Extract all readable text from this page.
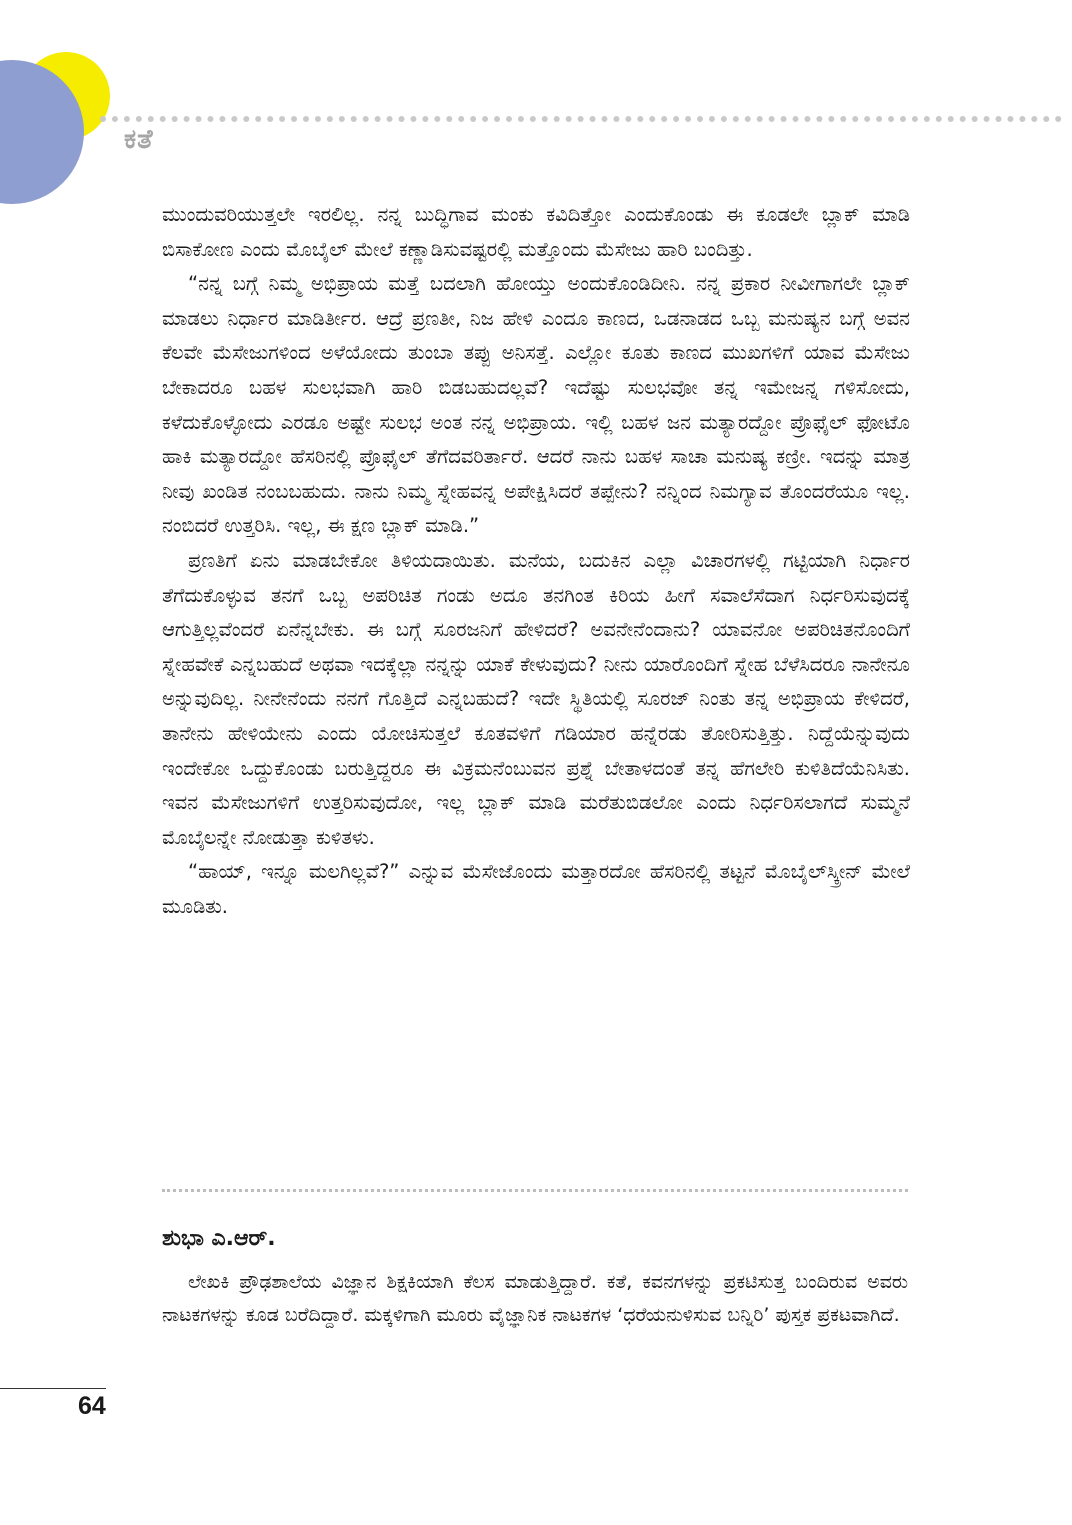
ಕತೆ

ಮುಂದುವರಿಯುತ್ತಲೇ ಇರಲಿಲ್ಲ. ನನ್ನ ಬುದ್ಧಿಗಾವ ಮಂಕು ಕವಿದಿತ್ತೋ ಎಂದುಕೊಂಡು ಈ ಕೂಡಲೇ ಬ್ಲಾಕ್ ಮಾಡಿ ಬಿಸಾಕೋಣ ಎಂದು ಮೊಬೈಲ್ ಮೇಲೆ ಕಣ್ಣಾಡಿಸುವಷ್ಟರಲ್ಲಿ ಮತ್ತೊಂದು ಮೆಸೇಜು ಹಾರಿ ಬಂದಿತ್ತು.

“ನನ್ನ ಬಗ್ಗೆ ನಿಮ್ಮ ಅಭಿಪ್ರಾಯ ಮತ್ತೆ ಬದಲಾಗಿ ಹೋಯ್ತು ಅಂದುಕೊಂಡಿದೀನಿ. ನನ್ನ ಪ್ರಕಾರ ನೀವೀಗಾಗಲೇ ಬ್ಲಾಕ್ ಮಾಡಲು ನಿರ್ಧಾರ ಮಾಡಿರ್ತೀರ. ಆದ್ರೆ ಪ್ರಣತೀ, ನಿಜ ಹೇಳಿ ಎಂದೂ ಕಾಣದ, ಒಡನಾಡದ ಒಬ್ಬ ಮನುಷ್ಯನ ಬಗ್ಗೆ ಅವನ ಕೆಲವೇ ಮೆಸೇಜುಗಳಿಂದ ಅಳೆಯೋದು ತುಂಬಾ ತಪ್ಪು ಅನಿಸತ್ತೆ. ಎಲ್ಲೋ ಕೂತು ಕಾಣದ ಮುಖಗಳಿಗೆ ಯಾವ ಮೆಸೇಜು ಬೇಕಾದರೂ ಬಹಳ ಸುಲಭವಾಗಿ ಹಾರಿ ಬಿಡಬಹುದಲ್ಲವೆ? ಇದೆಷ್ಟು ಸುಲಭವೋ ತನ್ನ ಇಮೇಜನ್ನ ಗಳಿಸೋದು, ಕಳೆದುಕೊಳ್ಳೋದು ಎರಡೂ ಅಷ್ಟೇ ಸುಲಭ ಅಂತ ನನ್ನ ಅಭಿಪ್ರಾಯ. ಇಲ್ಲಿ ಬಹಳ ಜನ ಮತ್ಯಾರದ್ದೋ ಪ್ರೊಫೈಲ್ ಫೋಟೊ ಹಾಕಿ ಮತ್ಯಾರದ್ದೋ ಹೆಸರಿನಲ್ಲಿ ಪ್ರೊಫೈಲ್ ತೆಗೆದವರಿರ್ತಾರೆ. ಆದರೆ ನಾನು ಬಹಳ ಸಾಚಾ ಮನುಷ್ಯ ಕಣ್ರೀ. ಇದನ್ನು ಮಾತ್ರ ನೀವು ಖಂಡಿತ ನಂಬಬಹುದು. ನಾನು ನಿಮ್ಮ ಸ್ನೇಹವನ್ನ ಅಪೇಕ್ಷಿಸಿದರೆ ತಪ್ಪೇನು? ನನ್ನಿಂದ ನಿಮಗ್ಯಾವ ತೊಂದರೆಯೂ ಇಲ್ಲ. ನಂಬಿದರೆ ಉತ್ತರಿಸಿ. ಇಲ್ಲ, ಈ ಕ್ಷಣ ಬ್ಲಾಕ್ ಮಾಡಿ.”

ಪ್ರಣತಿಗೆ ಏನು ಮಾಡಬೇಕೋ ತಿಳಿಯದಾಯಿತು. ಮನೆಯ, ಬದುಕಿನ ಎಲ್ಲಾ ವಿಚಾರಗಳಲ್ಲಿ ಗಟ್ಟಿಯಾಗಿ ನಿರ್ಧಾರ ತೆಗೆದುಕೊಳ್ಳುವ ತನಗೆ ಒಬ್ಬ ಅಪರಿಚಿತ ಗಂಡು ಅದೂ ತನಗಿಂತ ಕಿರಿಯ ಹೀಗೆ ಸವಾಲೆಸೆದಾಗ ನಿರ್ಧರಿಸುವುದಕ್ಕೆ ಆಗುತ್ತಿಲ್ಲವೆಂದರೆ ಏನೆನ್ನಬೇಕು. ಈ ಬಗ್ಗೆ ಸೂರಜನಿಗೆ ಹೇಳಿದರೆ? ಅವನೇನೆಂದಾನು? ಯಾವನೋ ಅಪರಿಚಿತನೊಂದಿಗೆ ಸ್ನೇಹವೇಕೆ ಎನ್ನಬಹುದೆ ಅಥವಾ ಇದಕ್ಕೆಲ್ಲಾ ನನ್ನನ್ನು ಯಾಕೆ ಕೇಳುವುದು? ನೀನು ಯಾರೊಂದಿಗೆ ಸ್ನೇಹ ಬೆಳೆಸಿದರೂ ನಾನೇನೂ ಅನ್ನುವುದಿಲ್ಲ. ನೀನೇನೆಂದು ನನಗೆ ಗೊತ್ತಿದೆ ಎನ್ನಬಹುದೆ? ಇದೇ ಸ್ಥಿತಿಯಲ್ಲಿ ಸೂರಜ್ ನಿಂತು ತನ್ನ ಅಭಿಪ್ರಾಯ ಕೇಳಿದರೆ, ತಾನೇನು ಹೇಳಿಯೇನು ಎಂದು ಯೋಚಿಸುತ್ತಲೆ ಕೂತವಳಿಗೆ ಗಡಿಯಾರ ಹನ್ನೆರಡು ತೋರಿಸುತ್ತಿತ್ತು. ನಿದ್ದೆಯೆನ್ನುವುದು ಇಂದೇಕೋ ಒದ್ದುಕೊಂಡು ಬರುತ್ತಿದ್ದರೂ ಈ ವಿಕ್ರಮನೆಂಬುವನ ಪ್ರಶ್ನೆ ಬೇತಾಳದಂತೆ ತನ್ನ ಹೆಗಲೇರಿ ಕುಳಿತಿದೆಯೆನಿಸಿತು. ಇವನ ಮೆಸೇಜುಗಳಿಗೆ ಉತ್ತರಿಸುವುದೋ, ಇಲ್ಲ ಬ್ಲಾಕ್ ಮಾಡಿ ಮರೆತುಬಿಡಲೋ ಎಂದು ನಿರ್ಧರಿಸಲಾಗದೆ ಸುಮ್ಮನೆ ಮೊಬೈಲನ್ನೇ ನೋಡುತ್ತಾ ಕುಳಿತಳು.

“ಹಾಯ್, ಇನ್ನೂ ಮಲಗಿಲ್ಲವೆ?” ಎನ್ನುವ ಮೆಸೇಜೊಂದು ಮತ್ತಾರದೋ ಹೆಸರಿನಲ್ಲಿ ತಟ್ಟನೆ ಮೊಬೈಲ್‌ಸ್ಕ್ರೀನ್ ಮೇಲೆ ಮೂಡಿತು.

ಶುಭಾ ಎ.ಆರ್.

ಲೇಖಕಿ ಪ್ರೌಢಶಾಲೆಯ ವಿಜ್ಞಾನ ಶಿಕ್ಷಕಿಯಾಗಿ ಕೆಲಸ ಮಾಡುತ್ತಿದ್ದಾರೆ. ಕತೆ, ಕವನಗಳನ್ನು ಪ್ರಕಟಿಸುತ್ತ ಬಂದಿರುವ ಅವರು ನಾಟಕಗಳನ್ನು ಕೂಡ ಬರೆದಿದ್ದಾರೆ. ಮಕ್ಕಳಿಗಾಗಿ ಮೂರು ವೈಜ್ಞಾನಿಕ ನಾಟಕಗಳ ‘ಧರೆಯನುಳಿಸುವ ಬನ್ನಿರಿ’ ಪುಸ್ತಕ ಪ್ರಕಟವಾಗಿದೆ.

64
